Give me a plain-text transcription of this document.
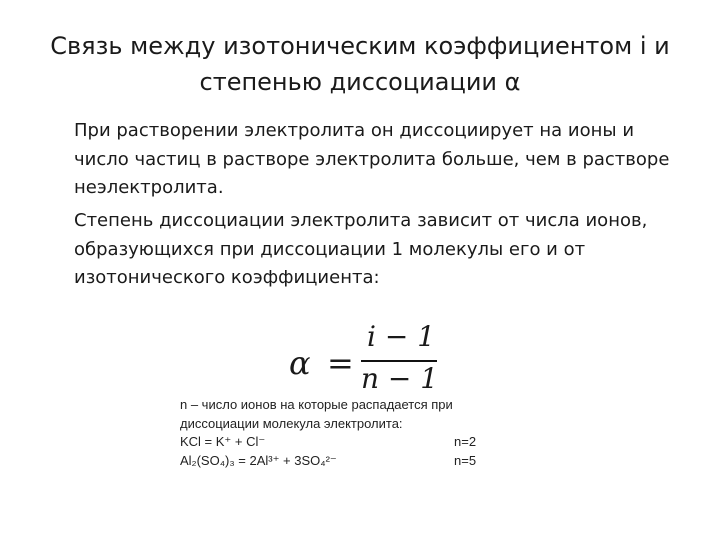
Связь между изотоническим коэффициентом i и степенью диссоциации α

При растворении электролита он диссоциирует на ионы и число частиц в растворе электролита больше, чем в растворе неэлектролита.

Степень диссоциации электролита зависит от числа ионов, образующихся при диссоциации 1 молекулы его и от изотонического коэффициента:

α =
i − 1
n − 1
n – число ионов на которые распадается при
диссоциации молекула электролита:
KCl = K⁺ + Cl⁻	n=2
Al₂(SO₄)₃ = 2Al³⁺ + 3SO₄²⁻	n=5
